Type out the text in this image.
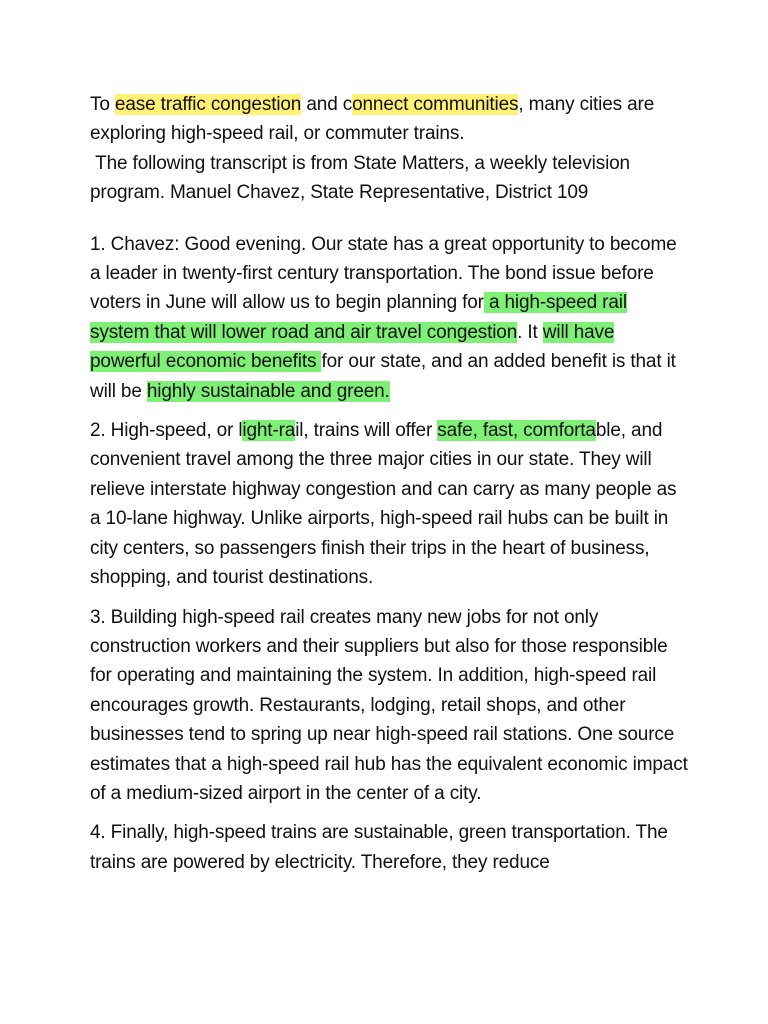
To ease traffic congestion and connect communities, many cities are exploring high-speed rail, or commuter trains.

The following transcript is from State Matters, a weekly television program. Manuel Chavez, State Representative, District 109

1. Chavez: Good evening. Our state has a great opportunity to become a leader in twenty-first century transportation. The bond issue before voters in June will allow us to begin planning for a high-speed rail system that will lower road and air travel congestion. It will have powerful economic benefits for our state, and an added benefit is that it will be highly sustainable and green.

2. High-speed, or light-rail, trains will offer safe, fast, comfortable, and convenient travel among the three major cities in our state. They will relieve interstate highway congestion and can carry as many people as a 10-lane highway. Unlike airports, high-speed rail hubs can be built in city centers, so passengers finish their trips in the heart of business, shopping, and tourist destinations.

3. Building high-speed rail creates many new jobs for not only construction workers and their suppliers but also for those responsible for operating and maintaining the system. In addition, high-speed rail encourages growth. Restaurants, lodging, retail shops, and other businesses tend to spring up near high-speed rail stations. One source estimates that a high-speed rail hub has the equivalent economic impact of a medium-sized airport in the center of a city.

4. Finally, high-speed trains are sustainable, green transportation. The trains are powered by electricity. Therefore, they reduce
